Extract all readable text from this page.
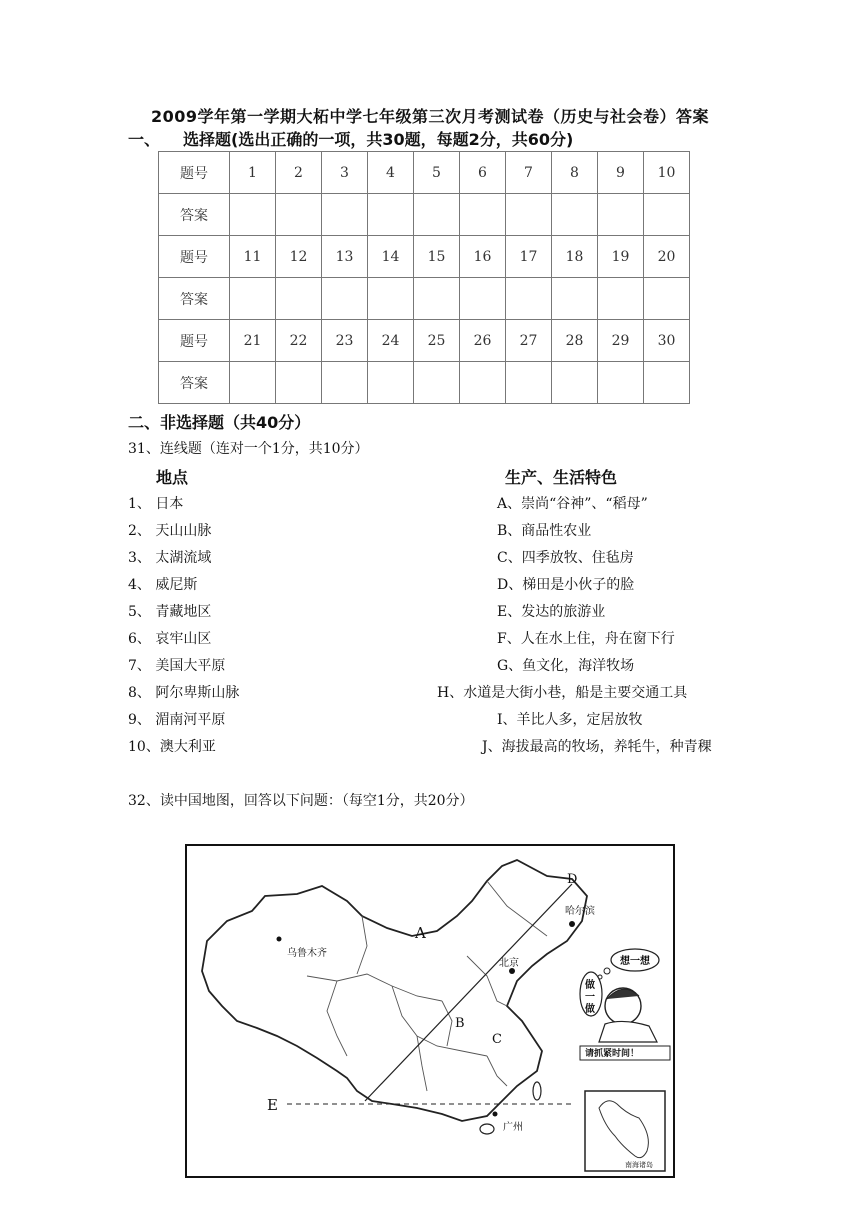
2009学年第一学期大柘中学七年级第三次月考测试卷（历史与社会卷）答案
一、 选择题(选出正确的一项，共30题，每题2分，共60分)
题号	1	2	3	4	5	6	7	8	9	10
答案										
题号	11	12	13	14	15	16	17	18	19	20
答案										
题号	21	22	23	24	25	26	27	28	29	30
答案										
二、非选择题（共40分）
31、连线题（连对一个1分，共10分）
地点	生产、生活特色
1、 日本	A、崇尚“谷神”、“稻母”
2、 天山山脉	B、商品性农业
3、 太湖流域	C、四季放牧、住毡房
4、 威尼斯	D、梯田是小伙子的脸
5、 青藏地区	E、发达的旅游业
6、 哀牢山区	F、人在水上住，舟在窗下行
7、 美国大平原	G、鱼文化，海洋牧场
8、 阿尔卑斯山脉	H、水道是大街小巷，船是主要交通工具
9、 湄南河平原	I、羊比人多，定居放牧
10、澳大利亚	J、海拔最高的牧场，养牦牛，种青稞
32、读中国地图，回答以下问题：（每空1分，共20分）
乌鲁木齐
A
D
哈尔滨
北京
B
C
E
广州
想一想
做一做
请抓紧时间！
南海诸岛
